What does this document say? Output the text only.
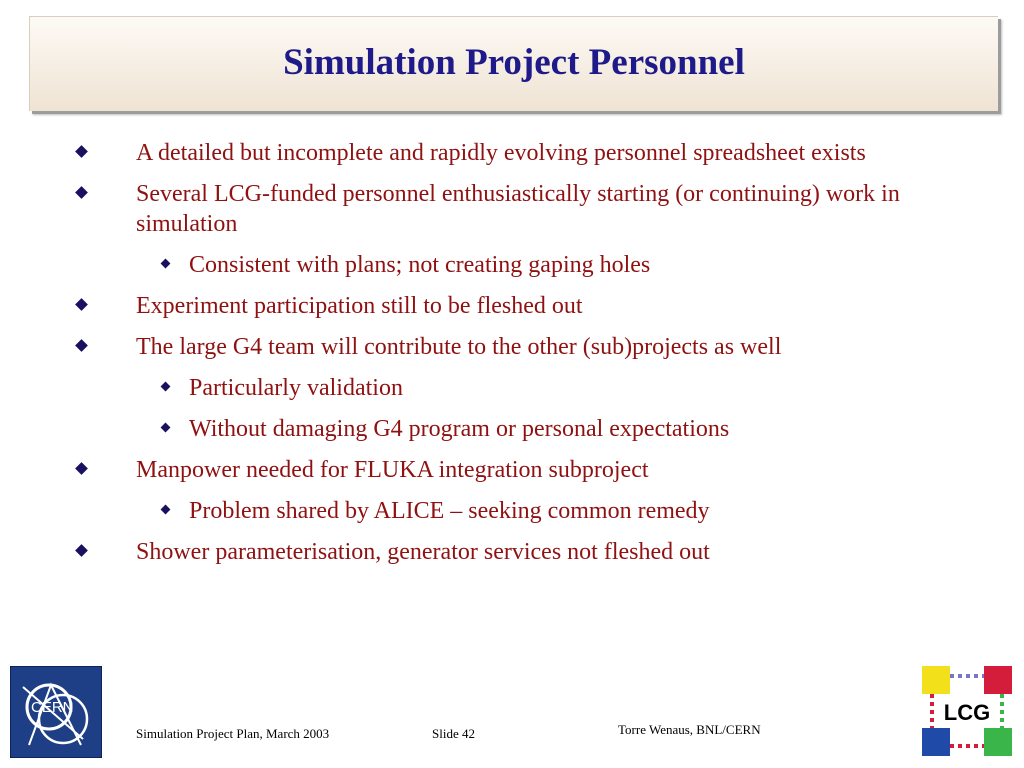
Simulation Project Personnel
A detailed but incomplete and rapidly evolving personnel spreadsheet exists
Several LCG-funded personnel enthusiastically starting (or continuing) work in simulation
Consistent with plans; not creating gaping holes
Experiment participation still to be fleshed out
The large G4 team will contribute to the other (sub)projects as well
Particularly validation
Without damaging G4 program or personal expectations
Manpower needed for FLUKA integration subproject
Problem shared by ALICE – seeking common remedy
Shower parameterisation, generator services not fleshed out
CERN	LCG
Simulation Project Plan, March 2003	Slide 42	Torre Wenaus, BNL/CERN
